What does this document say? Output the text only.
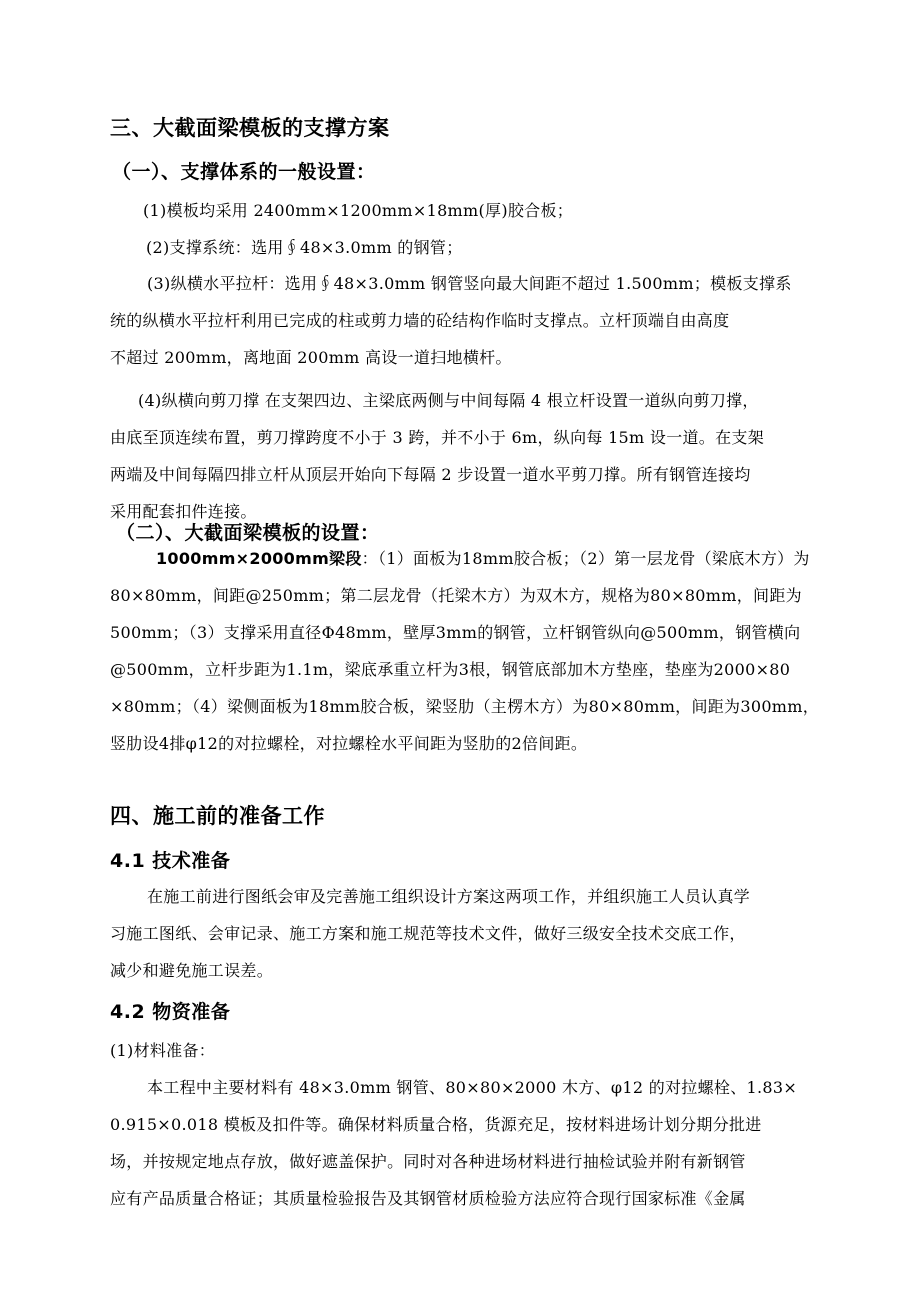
三、大截面梁模板的支撑方案
（一）、支撑体系的一般设置：
(1)模板均采用 2400mm×1200mm×18mm(厚)胶合板；
(2)支撑系统：选用∮48×3.0mm 的钢管；
(3)纵横水平拉杆：选用∮48×3.0mm 钢管竖向最大间距不超过 1.500mm；模板支撑系
统的纵横水平拉杆利用已完成的柱或剪力墙的砼结构作临时支撑点。立杆顶端自由高度
不超过 200mm，离地面 200mm 高设一道扫地横杆。
(4)纵横向剪刀撑 在支架四边、主梁底两侧与中间每隔 4 根立杆设置一道纵向剪刀撑，
由底至顶连续布置，剪刀撑跨度不小于 3 跨，并不小于 6m，纵向每 15m 设一道。在支架
两端及中间每隔四排立杆从顶层开始向下每隔 2 步设置一道水平剪刀撑。所有钢管连接均
采用配套扣件连接。
（二）、大截面梁模板的设置：
1000mm×2000mm梁段：（1）面板为18mm胶合板；（2）第一层龙骨（梁底木方）为
80×80mm，间距@250mm；第二层龙骨（托梁木方）为双木方，规格为80×80mm，间距为
500mm；（3）支撑采用直径Φ48mm，壁厚3mm的钢管，立杆钢管纵向@500mm，钢管横向
@500mm，立杆步距为1.1m，梁底承重立杆为3根，钢管底部加木方垫座，垫座为2000×80
×80mm；（4）梁侧面板为18mm胶合板，梁竖肋（主楞木方）为80×80mm，间距为300mm，
竖肋设4排φ12的对拉螺栓，对拉螺栓水平间距为竖肋的2倍间距。
四、施工前的准备工作
4.1 技术准备
在施工前进行图纸会审及完善施工组织设计方案这两项工作，并组织施工人员认真学
习施工图纸、会审记录、施工方案和施工规范等技术文件，做好三级安全技术交底工作，
减少和避免施工误差。
4.2 物资准备
(1)材料准备：
本工程中主要材料有 48×3.0mm 钢管、80×80×2000 木方、φ12 的对拉螺栓、1.83×
0.915×0.018 模板及扣件等。确保材料质量合格，货源充足，按材料进场计划分期分批进
场，并按规定地点存放，做好遮盖保护。同时对各种进场材料进行抽检试验并附有新钢管
应有产品质量合格证；其质量检验报告及其钢管材质检验方法应符合现行国家标准《金属
